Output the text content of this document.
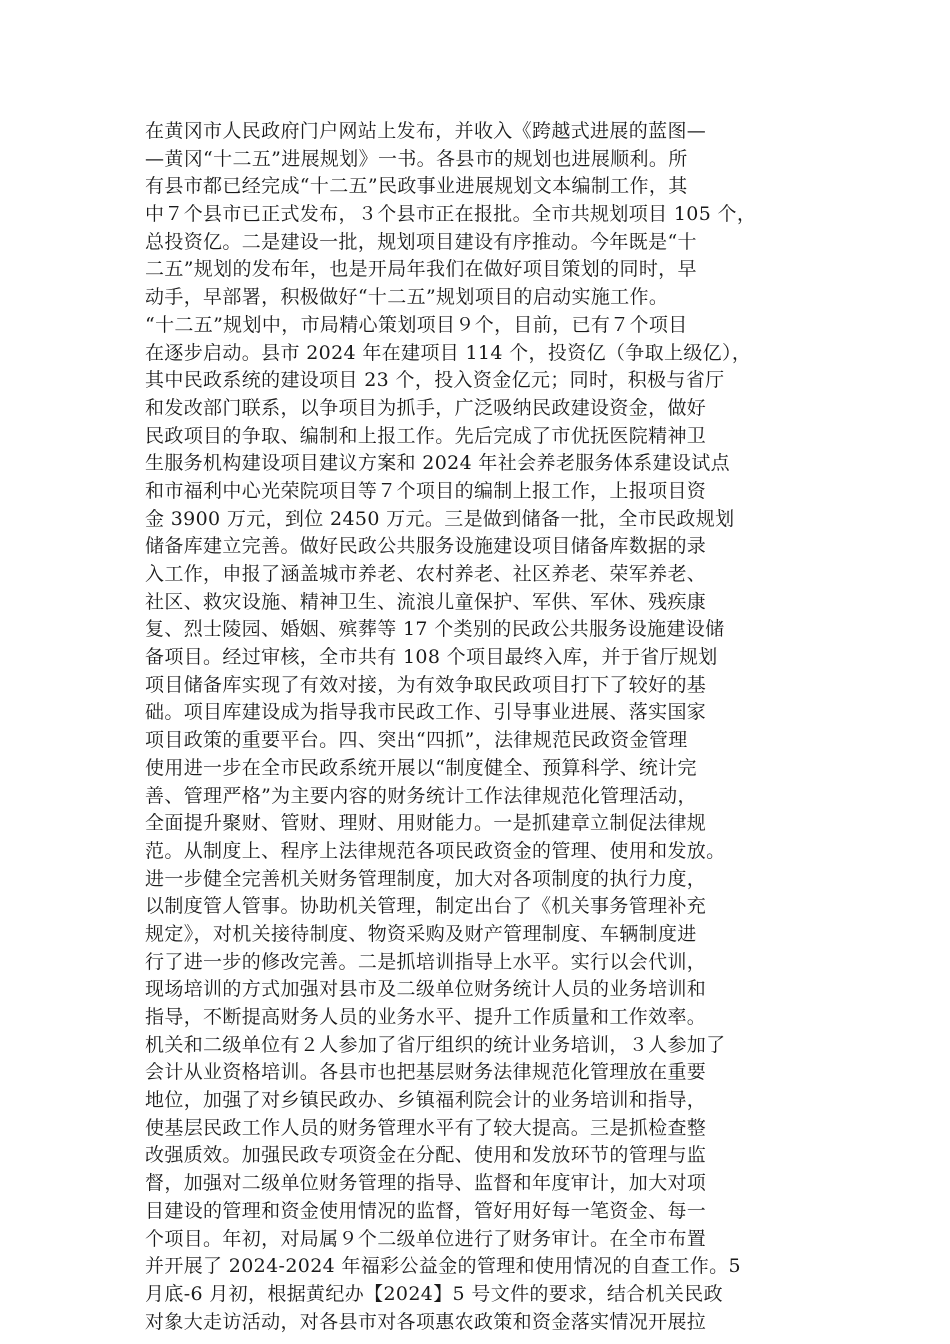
在黄冈市人民政府门户网站上发布，并收入《跨越式进展的蓝图—
—黄冈“十二五”进展规划》一书。各县市的规划也进展顺利。所
有县市都已经完成“十二五”民政事业进展规划文本编制工作，其
中７个县市已正式发布，３个县市正在报批。全市共规划项目 105 个，
总投资亿。二是建设一批，规划项目建设有序推动。今年既是“十
二五”规划的发布年，也是开局年我们在做好项目策划的同时，早
动手，早部署，积极做好“十二五”规划项目的启动实施工作。
“十二五”规划中，市局精心策划项目９个，目前，已有７个项目
在逐步启动。县市 2024 年在建项目 114 个，投资亿（争取上级亿），
其中民政系统的建设项目 23 个，投入资金亿元；同时，积极与省厅
和发改部门联系，以争项目为抓手，广泛吸纳民政建设资金，做好
民政项目的争取、编制和上报工作。先后完成了市优抚医院精神卫
生服务机构建设项目建议方案和 2024 年社会养老服务体系建设试点
和市福利中心光荣院项目等７个项目的编制上报工作，上报项目资
金 3900 万元，到位 2450 万元。三是做到储备一批，全市民政规划
储备库建立完善。做好民政公共服务设施建设项目储备库数据的录
入工作，申报了涵盖城市养老、农村养老、社区养老、荣军养老、
社区、救灾设施、精神卫生、流浪儿童保护、军供、军休、残疾康
复、烈士陵园、婚姻、殡葬等 17 个类别的民政公共服务设施建设储
备项目。经过审核，全市共有 108 个项目最终入库，并于省厅规划
项目储备库实现了有效对接，为有效争取民政项目打下了较好的基
础。项目库建设成为指导我市民政工作、引导事业进展、落实国家
项目政策的重要平台。四、突出“四抓”，法律规范民政资金管理
使用进一步在全市民政系统开展以“制度健全、预算科学、统计完
善、管理严格”为主要内容的财务统计工作法律规范化管理活动，
全面提升聚财、管财、理财、用财能力。一是抓建章立制促法律规
范。从制度上、程序上法律规范各项民政资金的管理、使用和发放。
进一步健全完善机关财务管理制度，加大对各项制度的执行力度，
以制度管人管事。协助机关管理，制定出台了《机关事务管理补充
规定》，对机关接待制度、物资采购及财产管理制度、车辆制度进
行了进一步的修改完善。二是抓培训指导上水平。实行以会代训，
现场培训的方式加强对县市及二级单位财务统计人员的业务培训和
指导，不断提高财务人员的业务水平、提升工作质量和工作效率。
机关和二级单位有２人参加了省厅组织的统计业务培训，３人参加了
会计从业资格培训。各县市也把基层财务法律规范化管理放在重要
地位，加强了对乡镇民政办、乡镇福利院会计的业务培训和指导，
使基层民政工作人员的财务管理水平有了较大提高。三是抓检查整
改强质效。加强民政专项资金在分配、使用和发放环节的管理与监
督，加强对二级单位财务管理的指导、监督和年度审计，加大对项
目建设的管理和资金使用情况的监督，管好用好每一笔资金、每一
个项目。年初，对局属９个二级单位进行了财务审计。在全市布置
并开展了 2024-2024 年福彩公益金的管理和使用情况的自查工作。5
月底-6 月初，根据黄纪办【2024】5 号文件的要求，结合机关民政
对象大走访活动，对各县市对各项惠农政策和资金落实情况开展拉
